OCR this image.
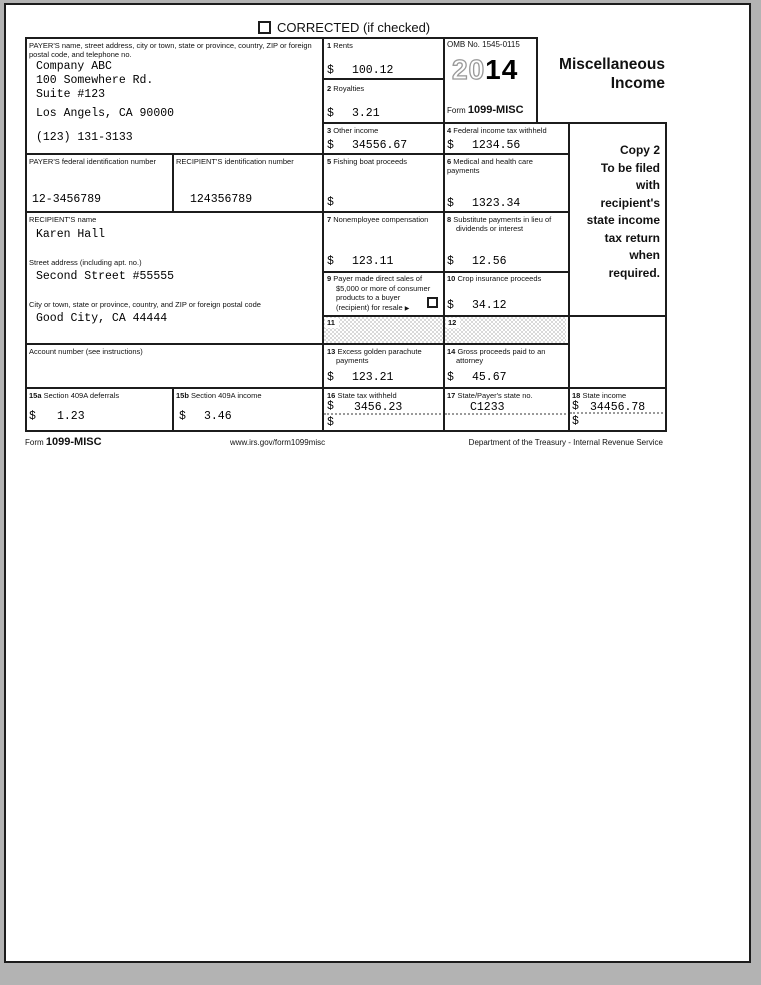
CORRECTED (if checked)
PAYER'S name, street address, city or town, state or province, country, ZIP or foreign postal code, and telephone no.
Company ABC
100 Somewhere Rd.
Suite #123
Los Angels, CA 90000
(123) 131-3133
1 Rents
$ 100.12
2 Royalties
$ 3.21
3 Other income
$ 34556.67
OMB No. 1545-0115
2014
Form 1099-MISC
Miscellaneous
Income
4 Federal income tax withheld
$ 1234.56	Copy 2
To be filed
with
recipient's
state income
tax return
when
required.
PAYER'S federal identification number
12-3456789
RECIPIENT'S identification number
124356789
5 Fishing boat proceeds
$
6 Medical and health care payments
$ 1323.34
RECIPIENT'S name
Karen Hall
7 Nonemployee compensation
$ 123.11
8 Substitute payments in lieu of dividends or interest
$ 12.56
Street address (including apt. no.)
Second Street #55555	9 Payer made direct sales of $5,000 or more of consumer products to a buyer (recipient) for resale ▶
10 Crop insurance proceeds
$ 34.12
City or town, state or province, country, and ZIP or foreign postal code
Good City, CA 44444	11	12
Account number (see instructions)	13 Excess golden parachute payments
$ 123.21
14 Gross proceeds paid to an attorney
$ 45.67
15a Section 409A deferrals
$ 1.23
15b Section 409A income
$ 3.46
16 State tax withheld
$ 3456.23
$
17 State/Payer's state no.
C1233
18 State income
$ 34456.78
$
Form 1099-MISC	www.irs.gov/form1099misc	Department of the Treasury - Internal Revenue Service
